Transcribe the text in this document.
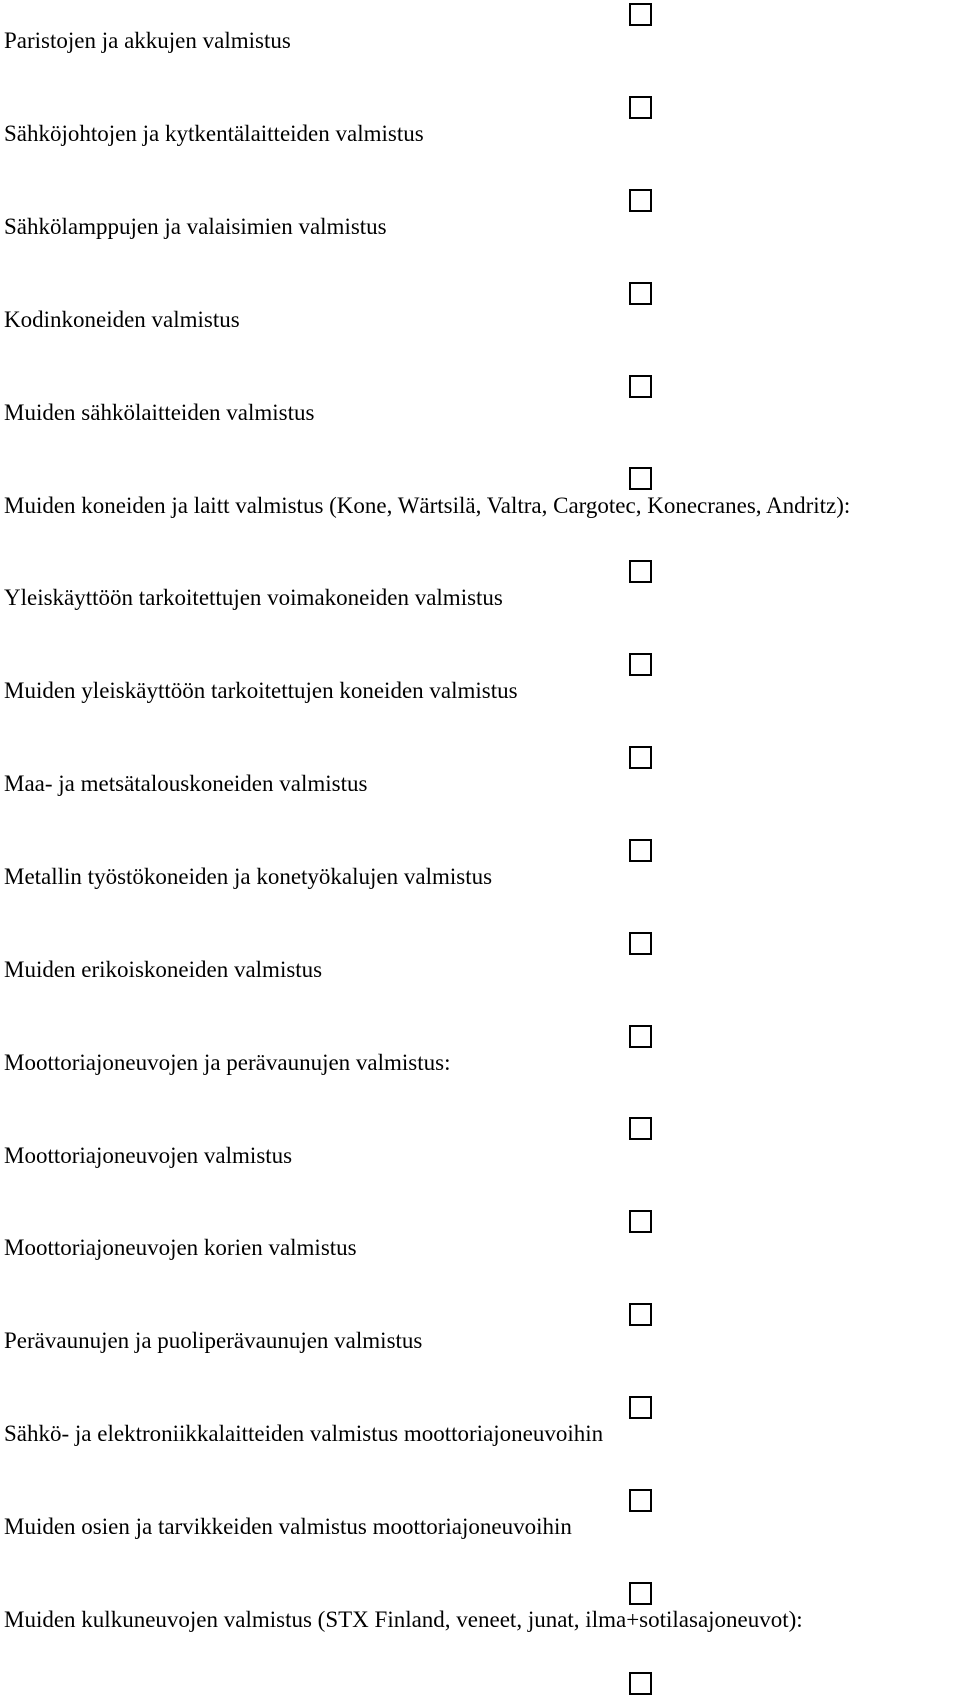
Paristojen ja akkujen valmistus

Sähköjohtojen ja kytkentälaitteiden valmistus

Sähkölamppujen ja valaisimien valmistus

Kodinkoneiden valmistus

Muiden sähkölaitteiden valmistus

Muiden koneiden ja laitt valmistus (Kone, Wärtsilä, Valtra, Cargotec, Konecranes, Andritz):

Yleiskäyttöön tarkoitettujen voimakoneiden valmistus

Muiden yleiskäyttöön tarkoitettujen koneiden valmistus

Maa- ja metsätalouskoneiden valmistus

Metallin työstökoneiden ja konetyökalujen valmistus

Muiden erikoiskoneiden valmistus

Moottoriajoneuvojen ja perävaunujen valmistus:

Moottoriajoneuvojen valmistus

Moottoriajoneuvojen korien valmistus

Perävaunujen ja puoliperävaunujen valmistus

Sähkö- ja elektroniikkalaitteiden valmistus moottoriajoneuvoihin

Muiden osien ja tarvikkeiden valmistus moottoriajoneuvoihin

Muiden kulkuneuvojen valmistus (STX Finland, veneet, junat, ilma+sotilasajoneuvot):
